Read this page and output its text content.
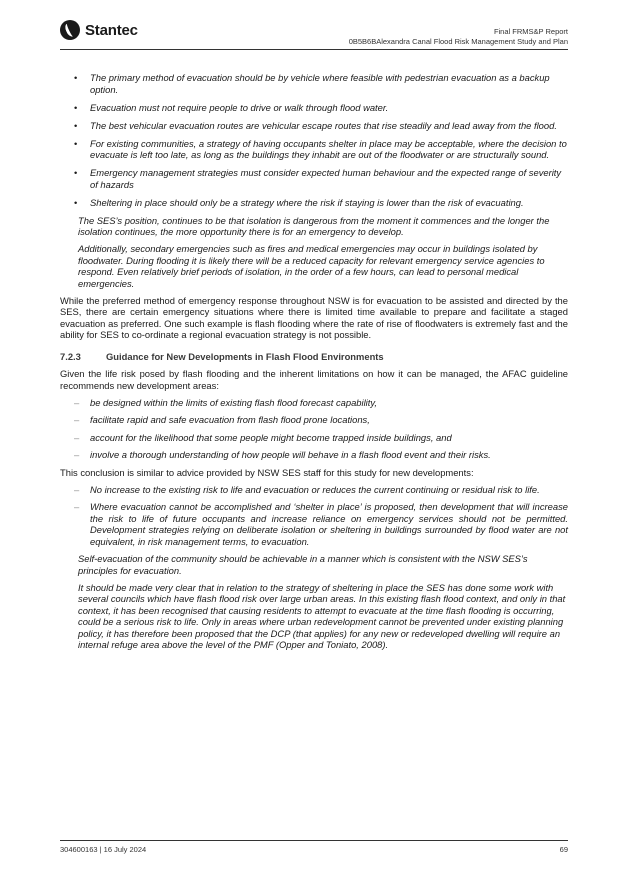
Stantec	Final FRMS&P Report
0B5B6BAlexandra Canal Flood Risk Management Study and Plan
• The primary method of evacuation should be by vehicle where feasible with pedestrian evacuation as a backup option.
• Evacuation must not require people to drive or walk through flood water.
• The best vehicular evacuation routes are vehicular escape routes that rise steadily and lead away from the flood.
• For existing communities, a strategy of having occupants shelter in place may be acceptable, where the decision to evacuate is left too late, as long as the buildings they inhabit are out of the floodwater or are structurally sound.
• Emergency management strategies must consider expected human behaviour and the expected range of severity of hazards
• Sheltering in place should only be a strategy where the risk if staying is lower than the risk of evacuating.

The SES’s position, continues to be that isolation is dangerous from the moment it commences and the longer the isolation continues, the more opportunity there is for an emergency to develop.

Additionally, secondary emergencies such as fires and medical emergencies may occur in buildings isolated by floodwater. During flooding it is likely there will be a reduced capacity for relevant emergency service agencies to respond. Even relatively brief periods of isolation, in the order of a few hours, can lead to personal medical emergencies.

While the preferred method of emergency response throughout NSW is for evacuation to be assisted and directed by the SES, there are certain emergency situations where there is limited time available to prepare and facilitate a staged evacuation as preferred. One such example is flash flooding where the rate of rise of floodwaters is extremely fast and the ability for SES to co-ordinate a regional evacuation strategy is not possible.

7.2.3	Guidance for New Developments in Flash Flood Environments

Given the life risk posed by flash flooding and the inherent limitations on how it can be managed, the AFAC guideline recommends new development areas:

– be designed within the limits of existing flash flood forecast capability,
– facilitate rapid and safe evacuation from flash flood prone locations,
– account for the likelihood that some people might become trapped inside buildings, and
– involve a thorough understanding of how people will behave in a flash flood event and their risks.

This conclusion is similar to advice provided by NSW SES staff for this study for new developments:

– No increase to the existing risk to life and evacuation or reduces the current continuing or residual risk to life.
– Where evacuation cannot be accomplished and ‘shelter in place’ is proposed, then development that will increase the risk to life of future occupants and increase reliance on emergency services should not be permitted. Development strategies relying on deliberate isolation or sheltering in buildings surrounded by flood water are not equivalent, in risk management terms, to evacuation.

Self-evacuation of the community should be achievable in a manner which is consistent with the NSW SES’s principles for evacuation.

It should be made very clear that in relation to the strategy of sheltering in place the SES has done some work with several councils which have flash flood risk over large urban areas. In this existing flash flood context, and only in that context, it has been recognised that causing residents to attempt to evacuate at the time flash flooding is occurring, could be a serious risk to life. Only in areas where urban redevelopment cannot be prevented under existing planning policy, it has therefore been proposed that the DCP (that applies) for any new or redeveloped dwelling will require an internal refuge area above the level of the PMF (Opper and Toniato, 2008).

304600163 | 16 July 2024	69
